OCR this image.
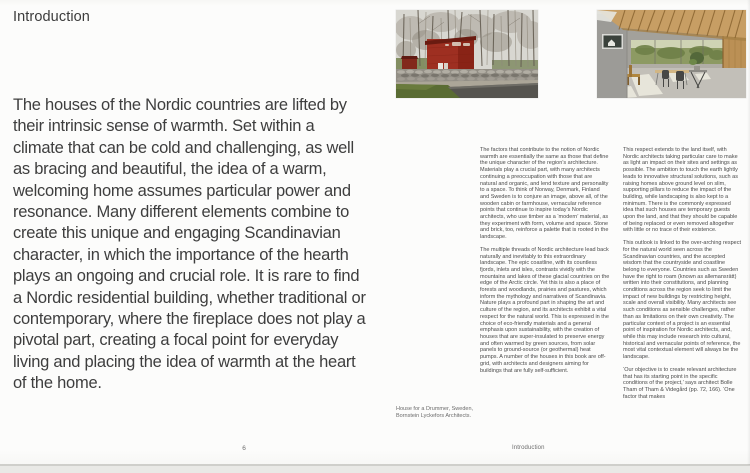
Introduction
The houses of the Nordic countries are lifted by their intrinsic sense of warmth. Set within a climate that can be cold and challenging, as well as bracing and beautiful, the idea of a warm, welcoming home assumes particular power and resonance. Many different elements combine to create this unique and engaging Scandinavian character, in which the importance of the hearth plays an ongoing and crucial role. It is rare to find a Nordic residential building, whether traditional or contemporary, where the fireplace does not play a pivotal part, creating a focal point for everyday living and placing the idea of warmth at the heart of the home.
6

The factors that contribute to the notion of Nordic warmth are essentially the same as those that define the unique character of the region’s architecture. Materials play a crucial part, with many architects continuing a preoccupation with those that are natural and organic, and lend texture and personality to a space. To think of Norway, Denmark, Finland and Sweden is to conjure an image, above all, of the wooden cabin or farmhouse, vernacular reference points that continue to inspire today’s Nordic architects, who use timber as a ‘modern’ material, as they experiment with form, volume and space. Stone and brick, too, reinforce a palette that is rooted in the landscape.

The multiple threads of Nordic architecture lead back naturally and inevitably to this extraordinary landscape. The epic coastline, with its countless fjords, inlets and isles, contrasts vividly with the mountains and lakes of these glacial countries on the edge of the Arctic circle. Yet this is also a place of forests and woodlands, prairies and pastures, which inform the mythology and narratives of Scandinavia. Nature plays a profound part in shaping the art and culture of the region, and its architects exhibit a vital respect for the natural world. This is expressed in the choice of eco-friendly materials and a general emphasis upon sustainability, with the creation of houses that are super-insulated to preserve energy and often warmed by green sources, from solar panels to ground-source (or geothermal) heat pumps. A number of the houses in this book are off-grid, with architects and designers aiming for buildings that are fully self-sufficient.

This respect extends to the land itself, with Nordic architects taking particular care to make as light an impact on their sites and settings as possible. The ambition to touch the earth lightly leads to innovative structural solutions, such as raising homes above ground level on slim, supporting pillars to reduce the impact of the building, while landscaping is also kept to a minimum. There is the commonly expressed idea that such houses are temporary guests upon the land, and that they should be capable of being replaced or even removed altogether with little or no trace of their existence.

This outlook is linked to the over-arching respect for the natural world seen across the Scandinavian countries, and the accepted wisdom that the countryside and coastline belong to everyone. Countries such as Sweden have the right to roam (known as allemansrätt) written into their constitutions, and planning conditions across the region seek to limit the impact of new buildings by restricting height, scale and overall visibility. Many architects see such conditions as sensible challenges, rather than as limitations on their own creativity. The particular context of a project is an essential point of inspiration for Nordic architects, and, while this may include research into cultural, historical and vernacular points of reference, the most vital contextual element will always be the landscape.

‘Our objective is to create relevant architecture that has its starting point in the specific conditions of the project,’ says architect Bolle Tham of Tham & Videgård (pp. 72, 166). ‘One factor that makes

House for a Drummer, Sweden,
Bornstein Lyckefors Architects.
Introduction
